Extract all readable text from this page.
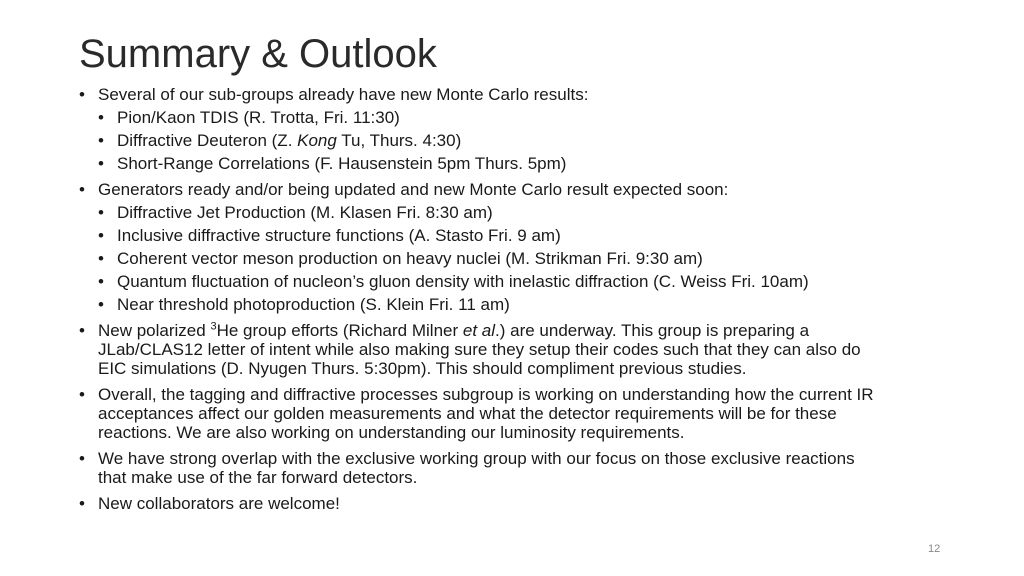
Summary & Outlook
• Several of our sub-groups already have new Monte Carlo results:
• Pion/Kaon TDIS (R. Trotta, Fri. 11:30)
• Diffractive Deuteron (Z. Kong Tu, Thurs. 4:30)
• Short-Range Correlations (F. Hausenstein 5pm Thurs. 5pm)
• Generators ready and/or being updated and new Monte Carlo result expected soon:
• Diffractive Jet Production (M. Klasen Fri. 8:30 am)
• Inclusive diffractive structure functions (A. Stasto Fri. 9 am)
• Coherent vector meson production on heavy nuclei (M. Strikman Fri. 9:30 am)
• Quantum fluctuation of nucleon’s gluon density with inelastic diffraction (C. Weiss Fri. 10am)
• Near threshold photoproduction (S. Klein Fri. 11 am)
• New polarized $^3$He group efforts (Richard Milner et al.) are underway. This group is preparing a
JLab/CLAS12 letter of intent while also making sure they setup their codes such that they can also do
EIC simulations (D. Nyugen Thurs. 5:30pm). This should compliment previous studies.
• Overall, the tagging and diffractive processes subgroup is working on understanding how the current IR
acceptances affect our golden measurements and what the detector requirements will be for these
reactions. We are also working on understanding our luminosity requirements.
• We have strong overlap with the exclusive working group with our focus on those exclusive reactions
that make use of the far forward detectors.
• New collaborators are welcome!
12
